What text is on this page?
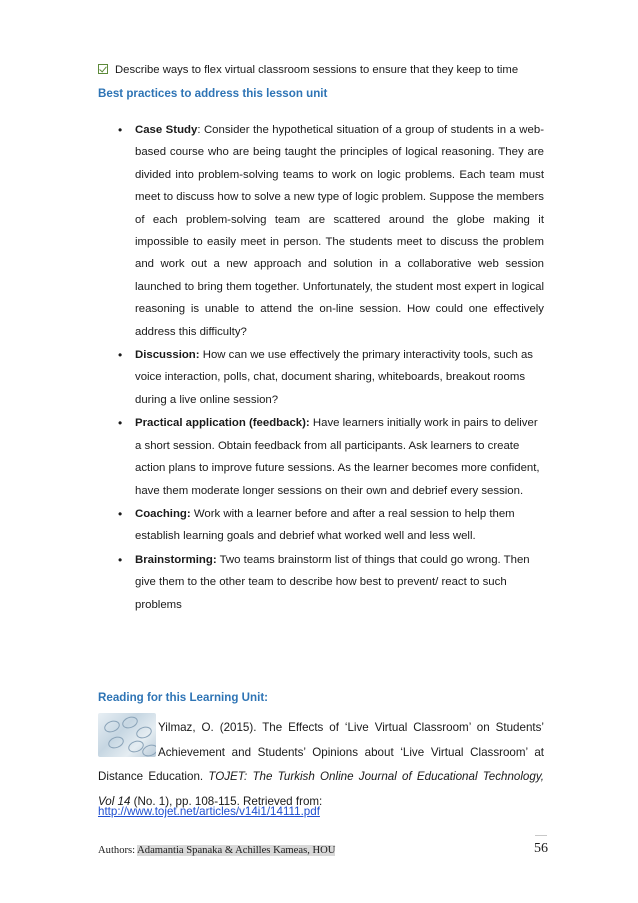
Describe ways to flex virtual classroom sessions to ensure that they keep to time
Best practices to address this lesson unit
• Case Study: Consider the hypothetical situation of a group of students in a web-based course who are being taught the principles of logical reasoning. They are divided into problem-solving teams to work on logic problems. Each team must meet to discuss how to solve a new type of logic problem. Suppose the members of each problem-solving team are scattered around the globe making it impossible to easily meet in person. The students meet to discuss the problem and work out a new approach and solution in a collaborative web session launched to bring them together. Unfortunately, the student most expert in logical reasoning is unable to attend the on-line session. How could one effectively address this difficulty?
• Discussion: How can we use effectively the primary interactivity tools, such as voice interaction, polls, chat, document sharing, whiteboards, breakout rooms during a live online session?
• Practical application (feedback): Have learners initially work in pairs to deliver a short session. Obtain feedback from all participants. Ask learners to create action plans to improve future sessions. As the learner becomes more confident, have them moderate longer sessions on their own and debrief every session.
• Coaching: Work with a learner before and after a real session to help them establish learning goals and debrief what worked well and less well.
• Brainstorming: Two teams brainstorm list of things that could go wrong. Then give them to the other team to describe how best to prevent/ react to such problems
Reading for this Learning Unit:
Yilmaz, O. (2015). The Effects of ‘Live Virtual Classroom’ on Students’ Achievement and Students’ Opinions about ‘Live Virtual Classroom’ at Distance Education. TOJET: The Turkish Online Journal of Educational Technology, Vol 14 (No. 1), pp. 108-115. Retrieved from:
http://www.tojet.net/articles/v14i1/14111.pdf
Authors: Adamantia Spanaka & Achilles Kameas, HOU	56
